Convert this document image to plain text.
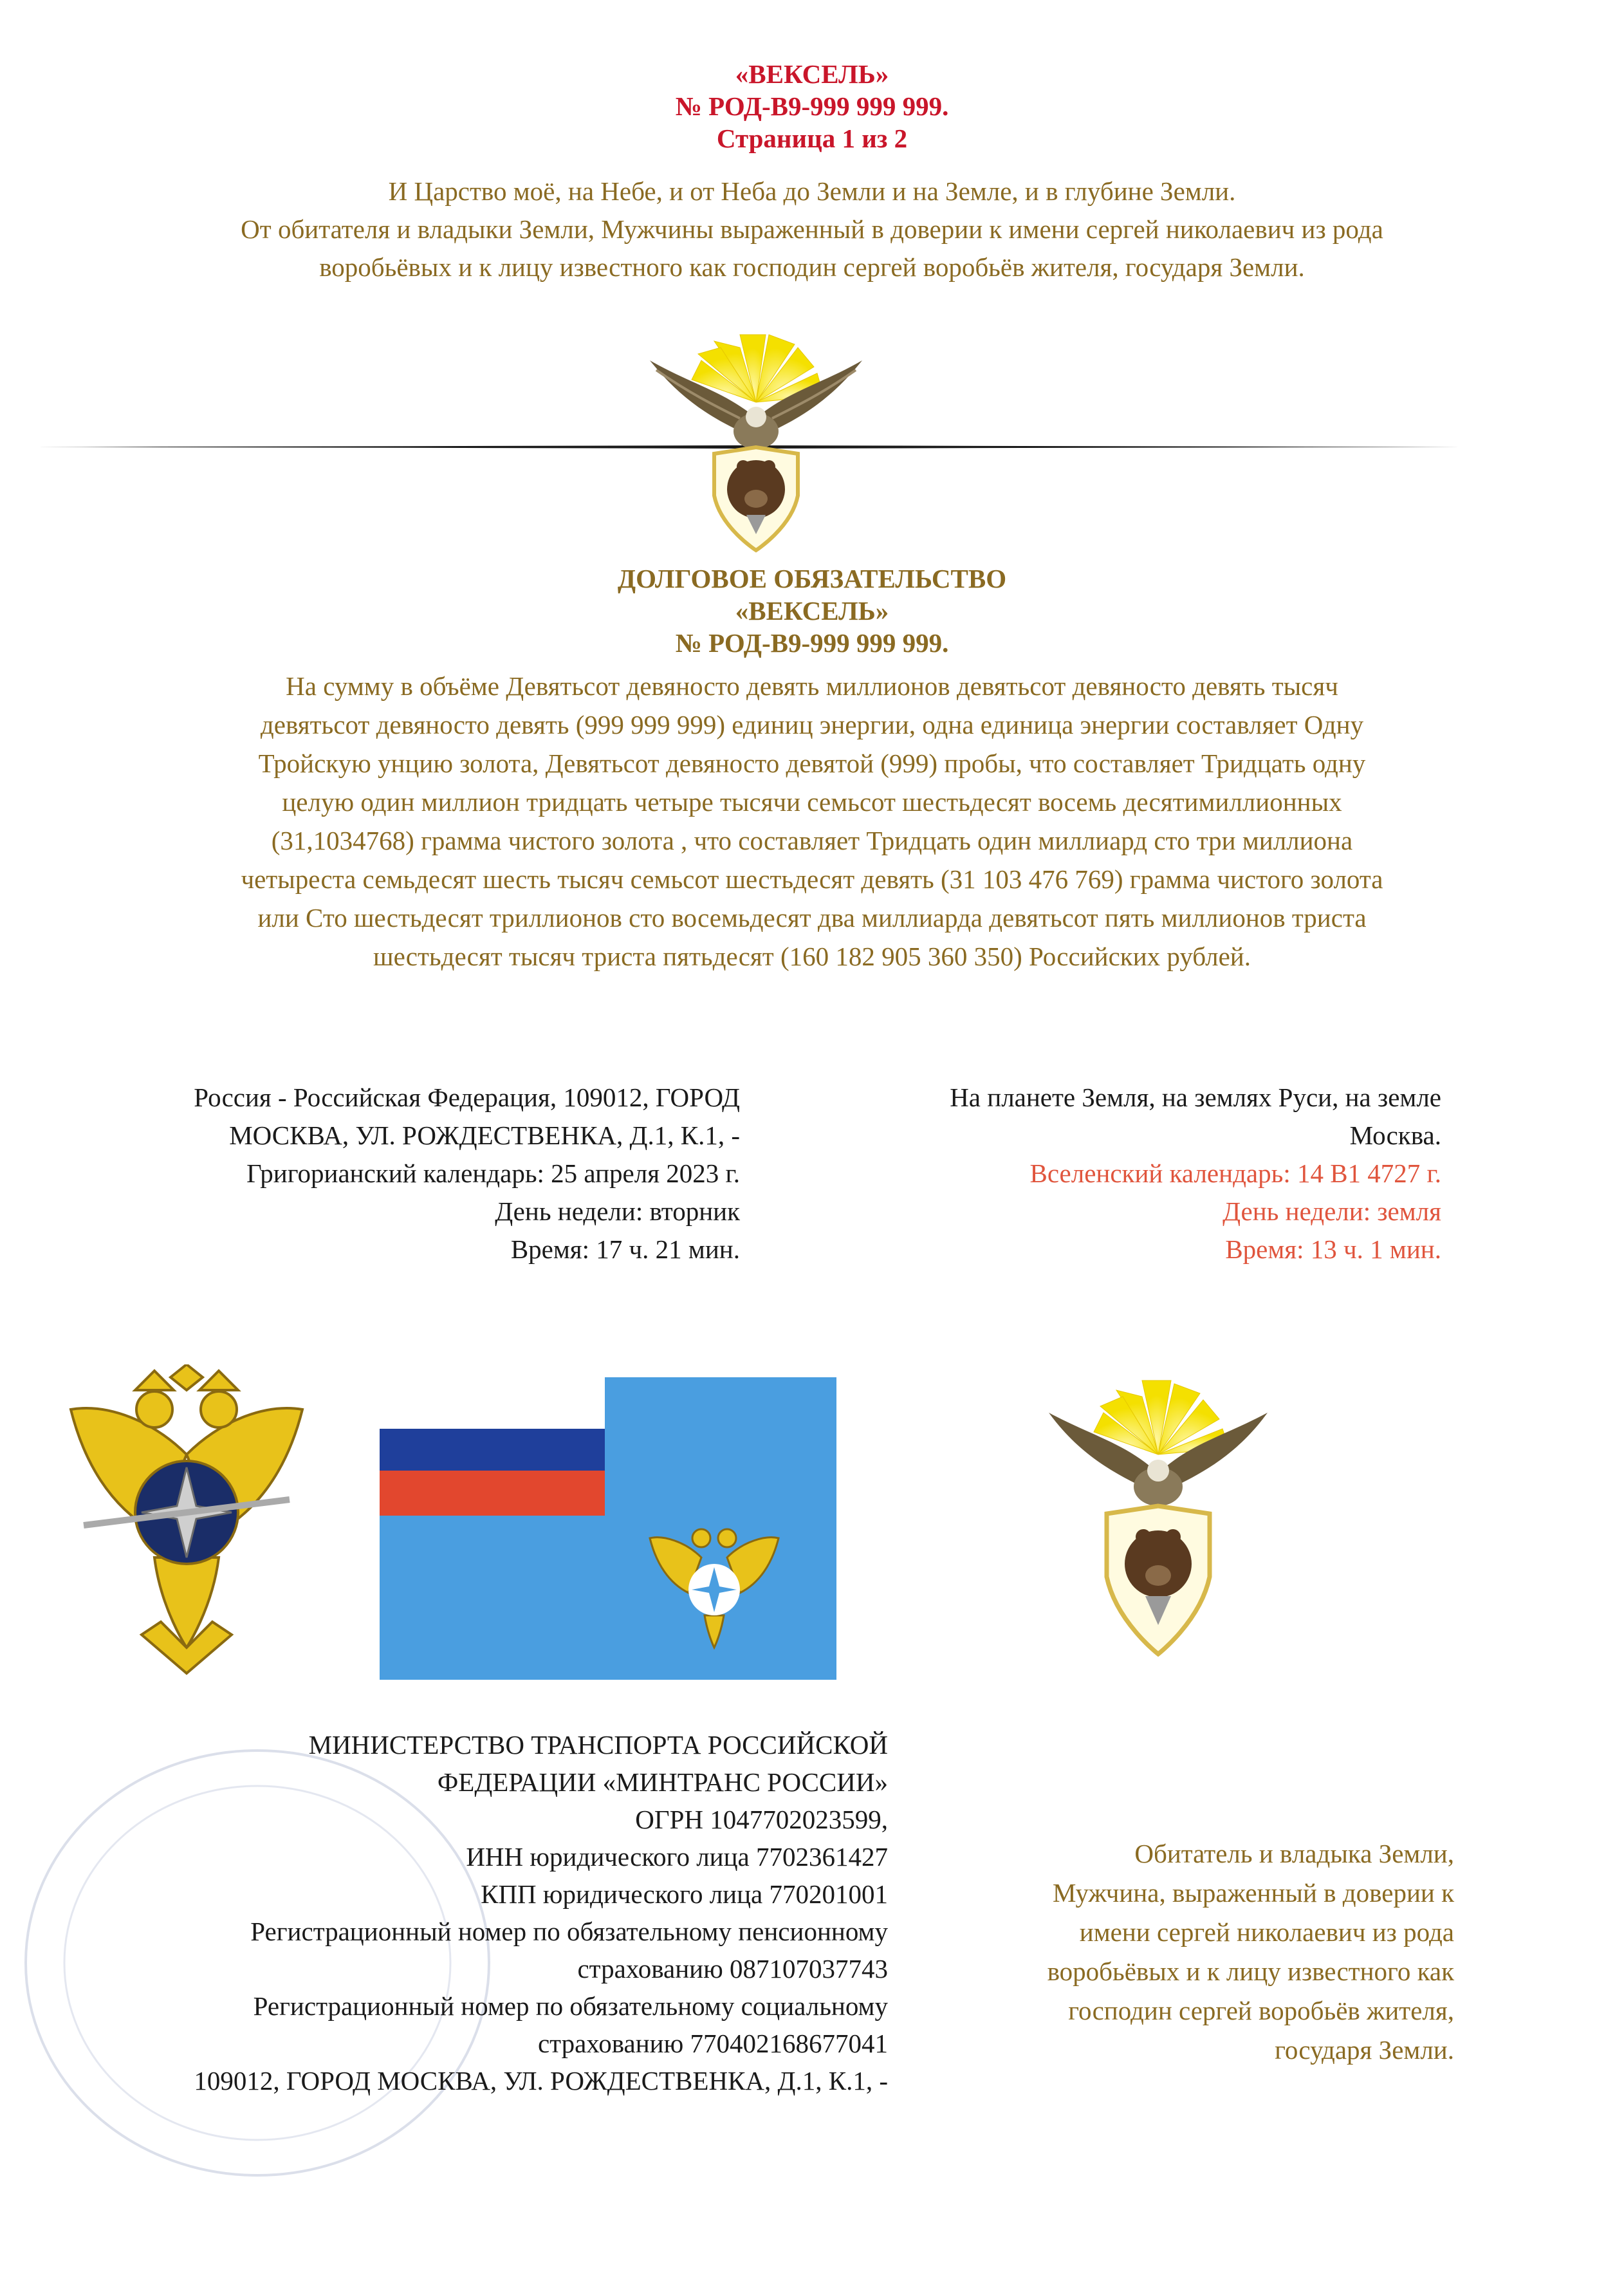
«ВЕКСЕЛЬ»
№ РОД-В9-999 999 999.
Страница 1 из 2
И Царство моё, на Небе, и от Неба до Земли и на Земле, и в глубине Земли.
От обитателя и владыки Земли, Мужчины выраженный в доверии к имени сергей николаевич из рода
воробьёвых и к лицу известного как господин сергей воробьёв жителя, государя Земли.
ДОЛГОВОЕ ОБЯЗАТЕЛЬСТВО
«ВЕКСЕЛЬ»
№ РОД-В9-999 999 999.
На сумму в объёме Девятьсот девяносто девять миллионов девятьсот девяносто девять тысяч
девятьсот девяносто девять (999 999 999) единиц энергии, одна единица энергии составляет Одну
Тройскую унцию золота, Девятьсот девяносто девятой (999) пробы, что составляет Тридцать одну
целую один миллион тридцать четыре тысячи семьсот шестьдесят восемь десятимиллионных
(31,1034768) грамма чистого золота , что составляет Тридцать один миллиард сто три миллиона
четыреста семьдесят шесть тысяч семьсот шестьдесят девять (31 103 476 769) грамма чистого золота
или Сто шестьдесят триллионов сто восемьдесят два миллиарда девятьсот пять миллионов триста
шестьдесят тысяч триста пятьдесят (160 182 905 360 350) Российских рублей.
Россия - Российская Федерация, 109012, ГОРОД
МОСКВА, УЛ. РОЖДЕСТВЕНКА, Д.1, К.1, -
Григорианский календарь: 25 апреля 2023 г.
День недели: вторник
Время: 17 ч. 21 мин.
На планете Земля, на землях Руси, на земле
Москва.
Вселенский календарь: 14 В1 4727 г.
День недели: земля
Время: 13 ч. 1 мин.
МИНИСТЕРСТВО ТРАНСПОРТА РОССИЙСКОЙ
ФЕДЕРАЦИИ «МИНТРАНС РОССИИ»
ОГРН 1047702023599,
ИНН юридического лица 7702361427
КПП юридического лица 770201001
Регистрационный номер по обязательному пенсионному
страхованию 087107037743
Регистрационный номер по обязательному социальному
страхованию 770402168677041
109012, ГОРОД МОСКВА, УЛ. РОЖДЕСТВЕНКА, Д.1, К.1, -
Обитатель и владыка Земли,
Мужчина, выраженный в доверии к
имени сергей николаевич из рода
воробьёвых и к лицу известного как
господин сергей воробьёв жителя,
государя Земли.
